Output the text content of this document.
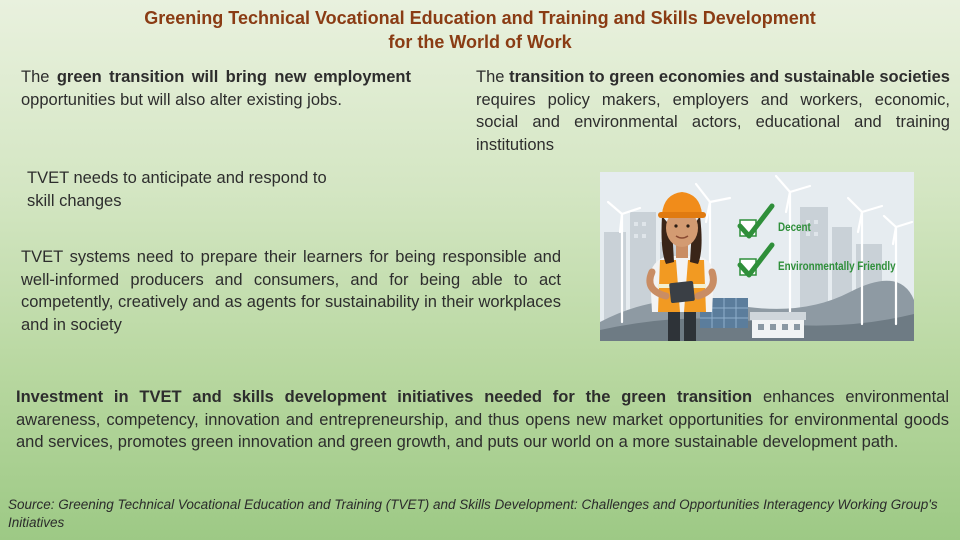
Greening Technical Vocational Education and Training and Skills Development
for the World of Work
The green transition will bring new employment opportunities but will also alter existing jobs.
The transition to green economies and sustainable societies requires policy makers, employers and workers, economic, social and environmental actors, educational and training institutions
TVET needs to anticipate and respond to skill changes
TVET systems need to prepare their learners for being responsible and well-informed producers and consumers, and for being able to act competently, creatively and as agents for sustainability in their workplaces and in society
Decent
Environmentally Friendly
Investment in TVET and skills development initiatives needed for the green transition enhances environmental awareness, competency, innovation and entrepreneurship, and thus opens new market opportunities for environmental goods and services, promotes green innovation and green growth, and puts our world on a more sustainable development path.
Source: Greening Technical Vocational Education and Training (TVET) and Skills Development: Challenges and Opportunities Interagency Working Group's Initiatives
